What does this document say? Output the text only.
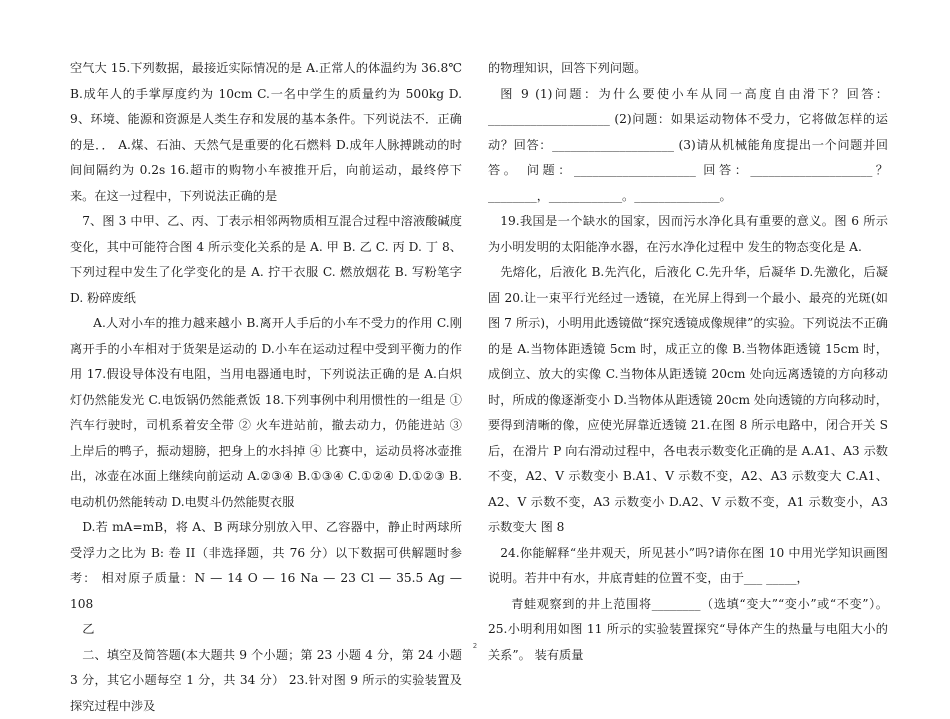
空气大 15.下列数据，最接近实际情况的是 A.正常人的体温约为 36.8℃ B.成年人的手掌厚度约为 10cm C.一名中学生的质量约为 500kg D. 9、环境、能源和资源是人类生存和发展的基本条件。下列说法不．正确的是．． A.煤、石油、天然气是重要的化石燃料 D.成年人脉搏跳动的时间间隔约为 0.2s 16.超市的购物小车被推开后，向前运动，最终停下来。在这一过程中，下列说法正确的是

7、图 3 中甲、乙、丙、丁表示相邻两物质相互混合过程中溶液酸碱度变化，其中可能符合图 4 所示变化关系的是 A. 甲 B. 乙 C. 丙 D. 丁 8、下列过程中发生了化学变化的是 A. 拧干衣服 C. 燃放烟花 B. 写粉笔字 D. 粉碎废纸

A.人对小车的推力越来越小 B.离开人手后的小车不受力的作用 C.刚离开手的小车相对于货架是运动的 D.小车在运动过程中受到平衡力的作用 17.假设导体没有电阻，当用电器通电时，下列说法正确的是 A.白炽灯仍然能发光 C.电饭锅仍然能煮饭 18.下列事例中利用惯性的一组是 ① 汽车行驶时，司机系着安全带 ② 火车进站前，撤去动力，仍能进站 ③ 上岸后的鸭子，振动翅膀，把身上的水抖掉 ④ 比赛中，运动员将冰壶推出，冰壶在冰面上继续向前运动 A.②③④ B.①③④ C.①②④ D.①②③ B. 电动机仍然能转动 D.电熨斗仍然能熨衣服

D.若 mA=mB，将 A、B 两球分别放入甲、乙容器中，静止时两球所受浮力之比为 B: 卷 II（非选择题，共 76 分）以下数据可供解题时参考： 相对原子质量：N — 14 O — 16 Na — 23 Cl — 35.5 Ag — 108

乙

二、填空及简答题(本大题共 9 个小题；第 23 小题 4 分，第 24 小题 3 分，其它小题每空 1 分，共 34 分） 23.针对图 9 所示的实验装置及探究过程中涉及

的物理知识，回答下列问题。

图 9 (1)问题：为什么要使小车从同一高度自由滑下？回答：____________________ (2)问题：如果运动物体不受力，它将做怎样的运动？回答：____________________ (3)请从机械能角度提出一个问题并回答。 问题：____________________ 回答：____________________？________，____________。______________。

19.我国是一个缺水的国家，因而污水净化具有重要的意义。图 6 所示为小明发明的太阳能净水器，在污水净化过程中 发生的物态变化是 A.

先熔化，后液化 B.先汽化，后液化 C.先升华，后凝华 D.先激化，后凝固 20.让一束平行光经过一透镜，在光屏上得到一个最小、最亮的光斑(如图 7 所示)，小明用此透镜做“探究透镜成像规律”的实验。下列说法不正确的是 A.当物体距透镜 5cm 时，成正立的像 B.当物体距透镜 15cm 时，成倒立、放大的实像 C.当物体从距透镜 20cm 处向远离透镜的方向移动时，所成的像逐渐变小 D.当物体从距透镜 20cm 处向透镜的方向移动时，要得到清晰的像，应使光屏靠近透镜 21.在图 8 所示电路中，闭合开关 S 后，在滑片 P 向右滑动过程中，各电表示数变化正确的是 A.A1、A3 示数不变，A2、V 示数变小 B.A1、V 示数不变，A2、A3 示数变大 C.A1、A2、V 示数不变，A3 示数变小 D.A2、V 示数不变，A1 示数变小，A3 示数变大 图 8

24.你能解释“坐井观天，所见甚小”吗?请你在图 10 中用光学知识画图说明。若井中有水，井底青蛙的位置不变，由于___ _____，

青蛙观察到的井上范围将________（选填“变大”“变小”或“不变”）。 25.小明利用如图 11 所示的实验装置探究“导体产生的热量与电阻大小的关系”。 装有质量

2
